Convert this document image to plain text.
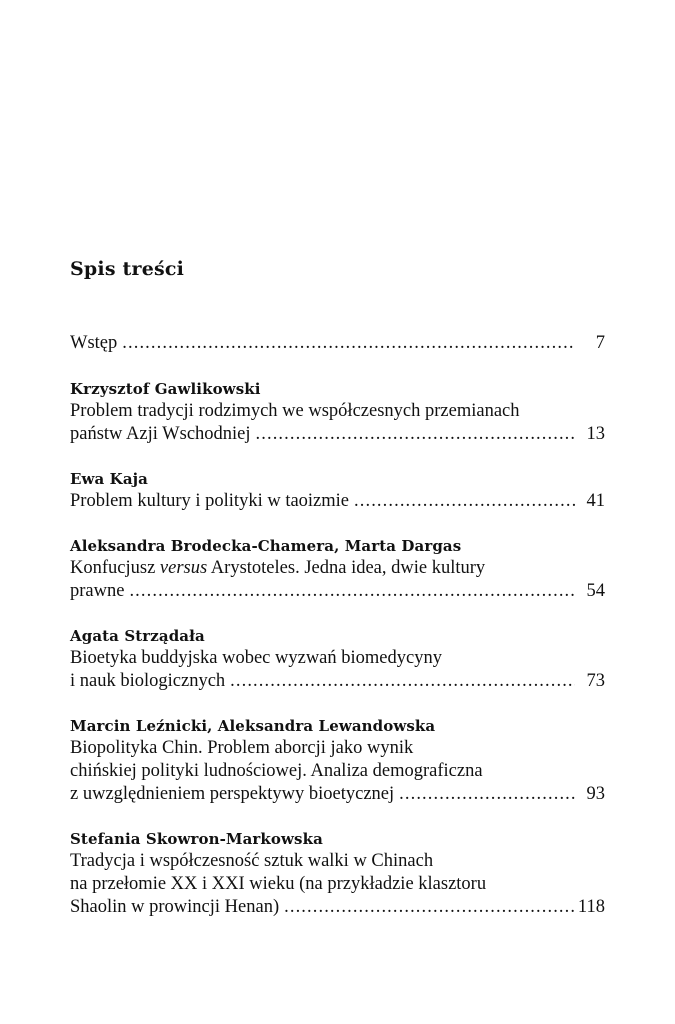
Spis treści
Wstęp .....	7
Krzysztof Gawlikowski
Problem tradycji rodzimych we współczesnych przemianach
państw Azji Wschodniej .....	13
Ewa Kaja
Problem kultury i polityki w taoizmie .....	41
Aleksandra Brodecka-Chamera, Marta Dargas
Konfucjusz versus Arystoteles. Jedna idea, dwie kultury
prawne .....	54
Agata Strządała
Bioetyka buddyjska wobec wyzwań biomedycyny
i nauk biologicznych .....	73
Marcin Leźnicki, Aleksandra Lewandowska
Biopolityka Chin. Problem aborcji jako wynik
chińskiej polityki ludnościowej. Analiza demograficzna
z uwzględnieniem perspektywy bioetycznej .....	93
Stefania Skowron-Markowska
Tradycja i współczesność sztuk walki w Chinach
na przełomie XX i XXI wieku (na przykładzie klasztoru
Shaolin w prowincji Henan) .....	118
